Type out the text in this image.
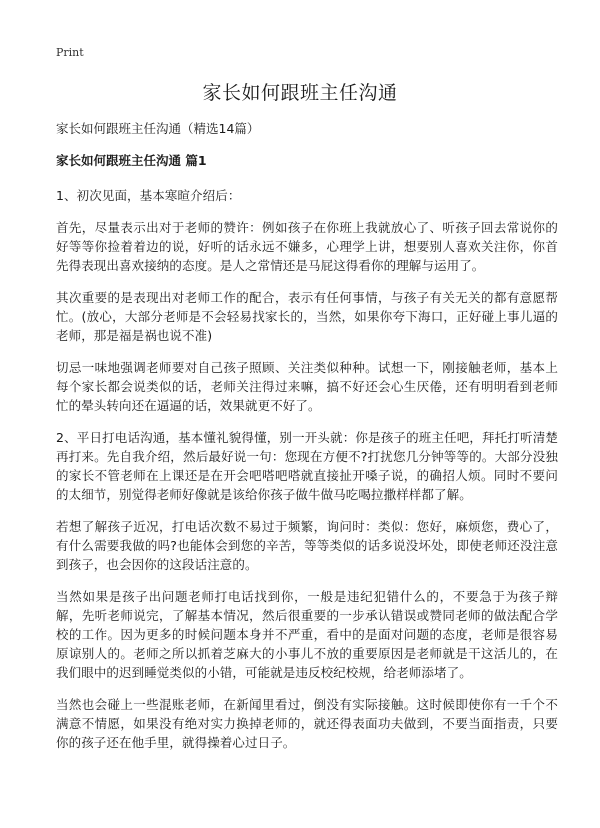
Print
家长如何跟班主任沟通

家长如何跟班主任沟通（精选14篇）

家长如何跟班主任沟通 篇1

1、初次见面，基本寒暄介绍后：

首先，尽量表示出对于老师的赞许：例如孩子在你班上我就放心了、听孩子回去常说你的好等等你捡着着边的说，好听的话永远不嫌多，心理学上讲，想要别人喜欢关注你，你首先得表现出喜欢接纳的态度。是人之常情还是马屁这得看你的理解与运用了。

其次重要的是表现出对老师工作的配合，表示有任何事情，与孩子有关无关的都有意愿帮忙。(放心，大部分老师是不会轻易找家长的，当然，如果你夸下海口，正好碰上事儿逼的老师，那是福是祸也说不准)

切忌一味地强调老师要对自己孩子照顾、关注类似种种。试想一下，刚接触老师，基本上每个家长都会说类似的话，老师关注得过来嘛，搞不好还会心生厌倦，还有明明看到老师忙的晕头转向还在逼逼的话，效果就更不好了。

2、平日打电话沟通，基本懂礼貌得懂，别一开头就：你是孩子的班主任吧，拜托打听清楚再打来。先自我介绍，然后最好说一句：您现在方便不?打扰您几分钟等等的。大部分没独的家长不管老师在上课还是在开会吧嗒吧嗒就直接扯开嗓子说，的确招人烦。同时不要问的太细节，别觉得老师好像就是该给你孩子做牛做马吃喝拉撒样样都了解。

若想了解孩子近况，打电话次数不易过于频繁，询问时：类似：您好，麻烦您，费心了，有什么需要我做的吗?也能体会到您的辛苦，等等类似的话多说没坏处，即使老师还没注意到孩子，也会因你的这段话注意的。

当然如果是孩子出问题老师打电话找到你，一般是违纪犯错什么的，不要急于为孩子辩解，先听老师说完，了解基本情况，然后很重要的一步承认错误或赞同老师的做法配合学校的工作。因为更多的时候问题本身并不严重，看中的是面对问题的态度，老师是很容易原谅别人的。老师之所以抓着芝麻大的小事儿不放的重要原因是老师就是干这活儿的，在我们眼中的迟到睡觉类似的小错，可能就是违反校纪校规，给老师添堵了。

当然也会碰上一些混账老师，在新闻里看过，倒没有实际接触。这时候即使你有一千个不满意不情愿，如果没有绝对实力换掉老师的，就还得表面功夫做到，不要当面指责，只要你的孩子还在他手里，就得操着心过日子。
